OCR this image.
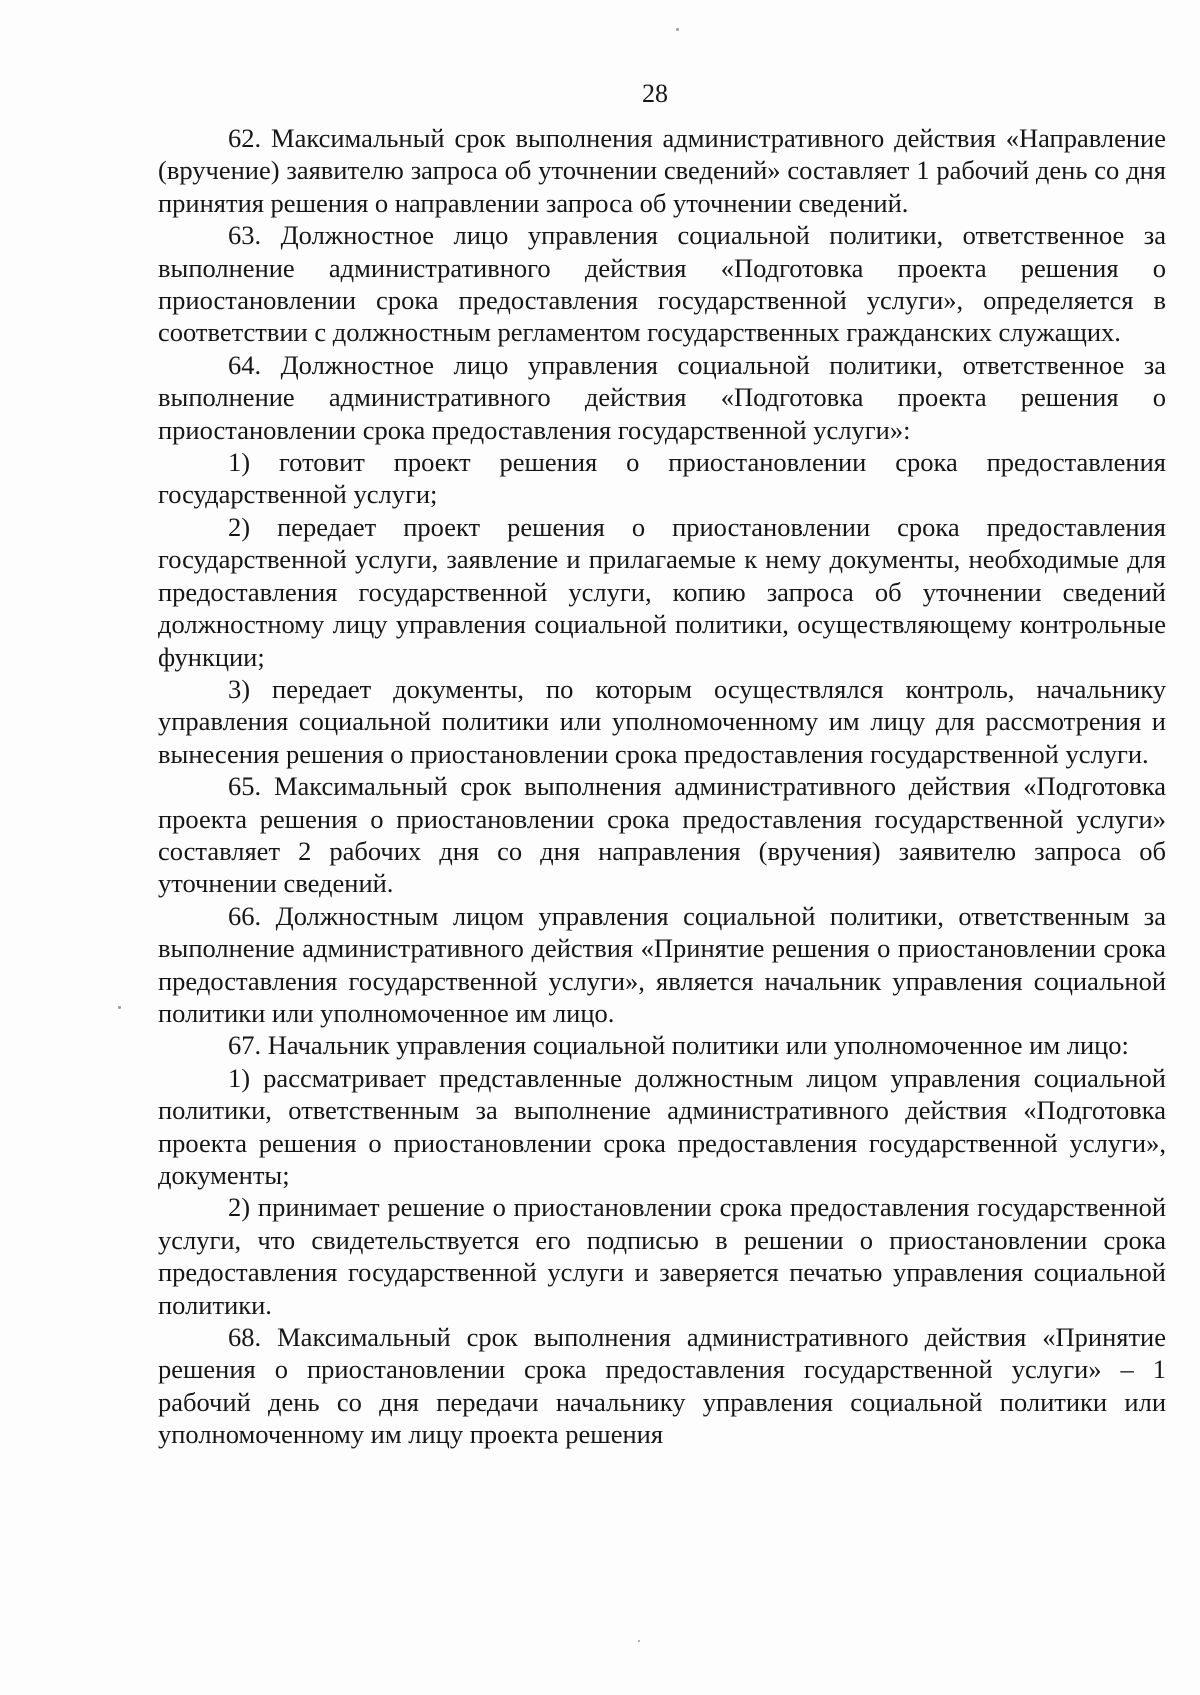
28

62. Максимальный срок выполнения административного действия «Направление (вручение) заявителю запроса об уточнении сведений» составляет 1 рабочий день со дня принятия решения о направлении запроса об уточнении сведений.

63. Должностное лицо управления социальной политики, ответственное за выполнение административного действия «Подготовка проекта решения о приостановлении срока предоставления государственной услуги», определяется в соответствии с должностным регламентом государственных гражданских служащих.

64. Должностное лицо управления социальной политики, ответственное за выполнение административного действия «Подготовка проекта решения о приостановлении срока предоставления государственной услуги»:

1) готовит проект решения о приостановлении срока предоставления государственной услуги;

2) передает проект решения о приостановлении срока предоставления государственной услуги, заявление и прилагаемые к нему документы, необходимые для предоставления государственной услуги, копию запроса об уточнении сведений должностному лицу управления социальной политики, осуществляющему контрольные функции;

3) передает документы, по которым осуществлялся контроль, начальнику управления социальной политики или уполномоченному им лицу для рассмотрения и вынесения решения о приостановлении срока предоставления государственной услуги.

65. Максимальный срок выполнения административного действия «Подготовка проекта решения о приостановлении срока предоставления государственной услуги» составляет 2 рабочих дня со дня направления (вручения) заявителю запроса об уточнении сведений.

66. Должностным лицом управления социальной политики, ответственным за выполнение административного действия «Принятие решения о приостановлении срока предоставления государственной услуги», является начальник управления социальной политики или уполномоченное им лицо.

67. Начальник управления социальной политики или уполномоченное им лицо:

1) рассматривает представленные должностным лицом управления социальной политики, ответственным за выполнение административного действия «Подготовка проекта решения о приостановлении срока предоставления государственной услуги», документы;

2) принимает решение о приостановлении срока предоставления государственной услуги, что свидетельствуется его подписью в решении о приостановлении срока предоставления государственной услуги и заверяется печатью управления социальной политики.

68. Максимальный срок выполнения административного действия «Принятие решения о приостановлении срока предоставления государственной услуги» – 1 рабочий день со дня передачи начальнику управления социальной политики или уполномоченному им лицу проекта решения
